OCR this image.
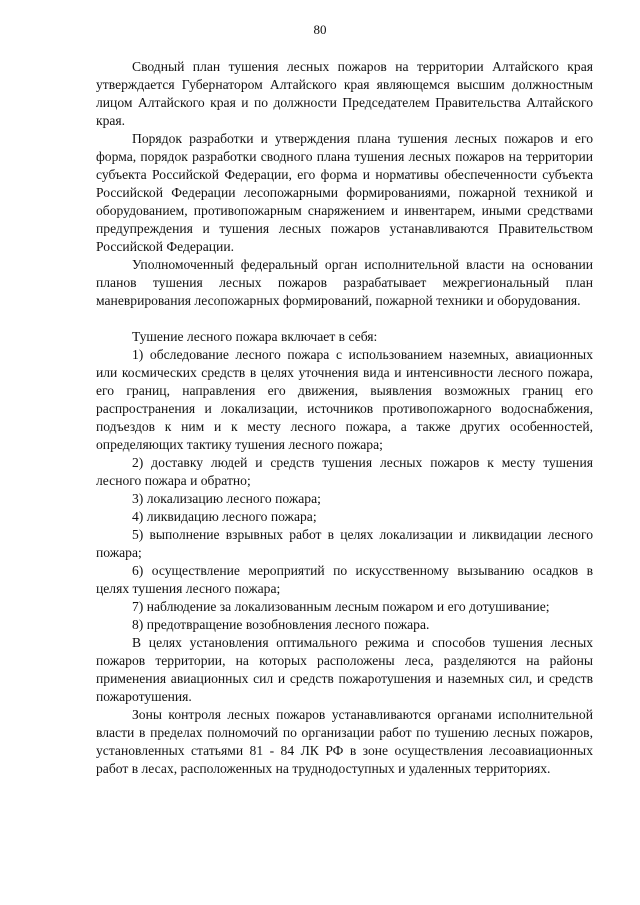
80

Сводный план тушения лесных пожаров на территории Алтайского края утверждается Губернатором Алтайского края являющемся высшим должностным лицом Алтайского края и по должности Председателем Правительства Алтайского края.

Порядок разработки и утверждения плана тушения лесных пожаров и его форма, порядок разработки сводного плана тушения лесных пожаров на территории субъекта Российской Федерации, его форма и нормативы обеспеченности субъекта Российской Федерации лесопожарными формированиями, пожарной техникой и оборудованием, противопожарным снаряжением и инвентарем, иными средствами предупреждения и тушения лесных пожаров устанавливаются Правительством Российской Федерации.

Уполномоченный федеральный орган исполнительной власти на основании планов тушения лесных пожаров разрабатывает межрегиональный план маневрирования лесопожарных формирований, пожарной техники и оборудования.

Тушение лесного пожара включает в себя:

1) обследование лесного пожара с использованием наземных, авиационных или космических средств в целях уточнения вида и интенсивности лесного пожара, его границ, направления его движения, выявления возможных границ его распространения и локализации, источников противопожарного водоснабжения, подъездов к ним и к месту лесного пожара, а также других особенностей, определяющих тактику тушения лесного пожара;

2) доставку людей и средств тушения лесных пожаров к месту тушения лесного пожара и обратно;

3) локализацию лесного пожара;

4) ликвидацию лесного пожара;

5) выполнение взрывных работ в целях локализации и ликвидации лесного пожара;

6) осуществление мероприятий по искусственному вызыванию осадков в целях тушения лесного пожара;

7) наблюдение за локализованным лесным пожаром и его дотушивание;

8) предотвращение возобновления лесного пожара.

В целях установления оптимального режима и способов тушения лесных пожаров территории, на которых расположены леса, разделяются на районы применения авиационных сил и средств пожаротушения и наземных сил, и средств пожаротушения.

Зоны контроля лесных пожаров устанавливаются органами исполнительной власти в пределах полномочий по организации работ по тушению лесных пожаров, установленных статьями 81 - 84 ЛК РФ в зоне осуществления лесоавиационных работ в лесах, расположенных на труднодоступных и удаленных территориях.
